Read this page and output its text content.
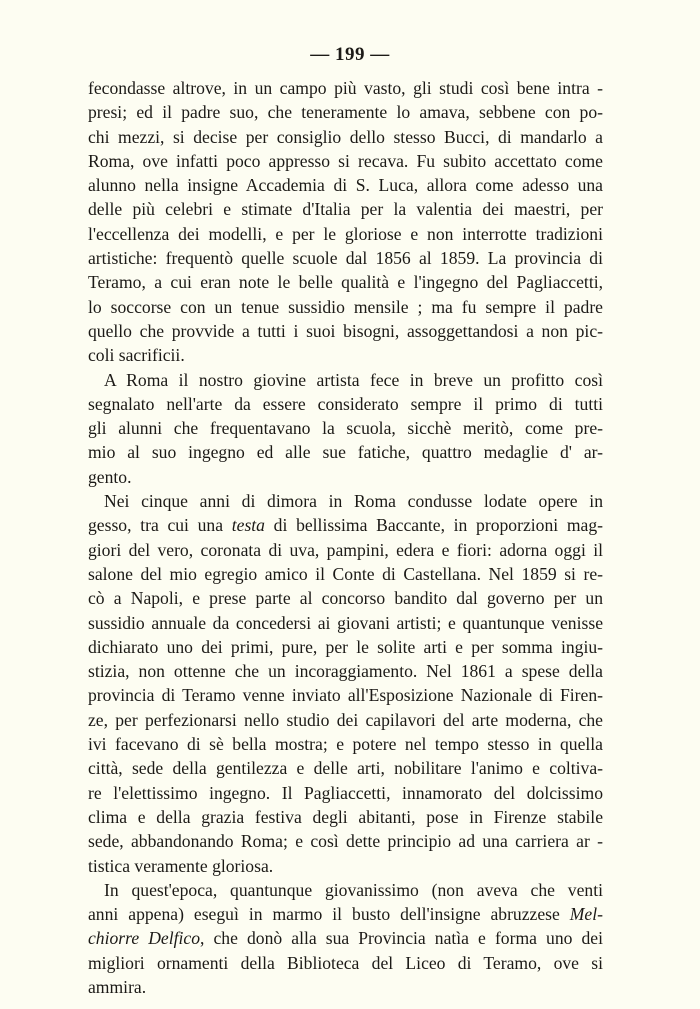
— 199 —

fecondasse altrove, in un campo più vasto, gli studi così bene intra -
presi; ed il padre suo, che teneramente lo amava, sebbene con po-
chi mezzi, si decise per consiglio dello stesso Bucci, di mandarlo a
Roma, ove infatti poco appresso si recava. Fu subito accettato come
alunno nella insigne Accademia di S. Luca, allora come adesso una
delle più celebri e stimate d'Italia per la valentia dei maestri, per
l'eccellenza dei modelli, e per le gloriose e non interrotte tradizioni
artistiche: frequentò quelle scuole dal 1856 al 1859. La provincia di
Teramo, a cui eran note le belle qualità e l'ingegno del Pagliaccetti,
lo soccorse con un tenue sussidio mensile ; ma fu sempre il padre
quello che provvide a tutti i suoi bisogni, assoggettandosi a non pic-
coli sacrificii.

A Roma il nostro giovine artista fece in breve un profitto così
segnalato nell'arte da essere considerato sempre il primo di tutti
gli alunni che frequentavano la scuola, sicchè meritò, come pre-
mio al suo ingegno ed alle sue fatiche, quattro medaglie d' ar-
gento.

Nei cinque anni di dimora in Roma condusse lodate opere in
gesso, tra cui una testa di bellissima Baccante, in proporzioni mag-
giori del vero, coronata di uva, pampini, edera e fiori: adorna oggi il
salone del mio egregio amico il Conte di Castellana. Nel 1859 si re-
cò a Napoli, e prese parte al concorso bandito dal governo per un
sussidio annuale da concedersi ai giovani artisti; e quantunque venisse
dichiarato uno dei primi, pure, per le solite arti e per somma ingiu-
stizia, non ottenne che un incoraggiamento. Nel 1861 a spese della
provincia di Teramo venne inviato all'Esposizione Nazionale di Firen-
ze, per perfezionarsi nello studio dei capilavori del arte moderna, che
ivi facevano di sè bella mostra; e potere nel tempo stesso in quella
città, sede della gentilezza e delle arti, nobilitare l'animo e coltiva-
re l'elettissimo ingegno. Il Pagliaccetti, innamorato del dolcissimo
clima e della grazia festiva degli abitanti, pose in Firenze stabile
sede, abbandonando Roma; e così dette principio ad una carriera ar -
tistica veramente gloriosa.

In quest'epoca, quantunque giovanissimo (non aveva che venti
anni appena) eseguì in marmo il busto dell'insigne abruzzese Mel-
chiorre Delfico, che donò alla sua Provincia natìa e forma uno dei
migliori ornamenti della Biblioteca del Liceo di Teramo, ove si
ammira.
